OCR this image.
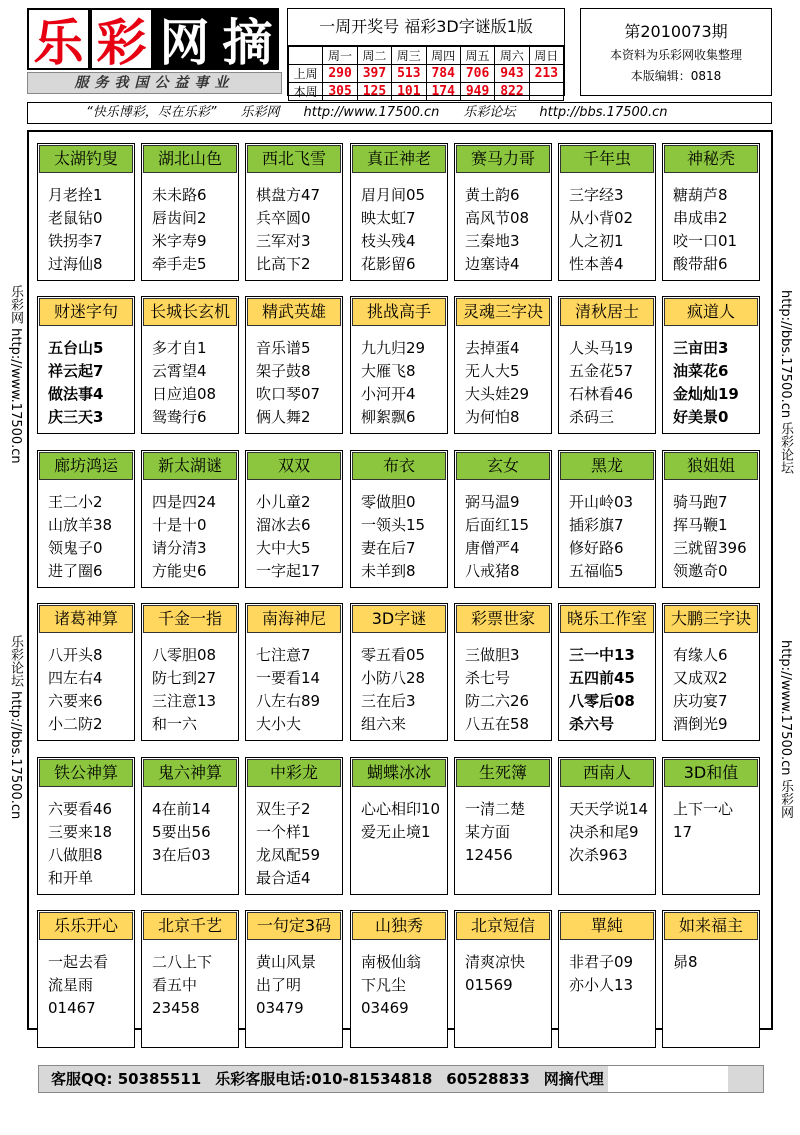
乐 彩 网 摘
服务我国公益事业
一周开奖号 福彩3D字谜版1版
	周一	周二	周三	周四	周五	周六	周日
上周	290	397	513	784	706	943	213
本周	305	125	101	174	949	822	
第2010073期
本资料为乐彩网收集整理
本版编辑：0818
“快乐博彩，尽在乐彩” 乐彩网 http://www.17500.cn 乐彩论坛 http://bbs.17500.cn
乐彩网 http://www.17500.cn
乐彩论坛 http://bbs.17500.cn
http://bbs.17500.cn 乐彩论坛
http://www.17500.cn 乐彩网
太湖钓叟
月老拴1
老鼠钻0
铁拐李7
过海仙8
湖北山色
未未路6
唇齿间2
米字寿9
牵手走5
西北飞雪
棋盘方47
兵卒圆0
三军对3
比高下2
真正神老
眉月间05
映太虹7
枝头残4
花影留6
赛马力哥
黄土韵6
高风节08
三秦地3
边塞诗4
千年虫
三字经3
从小背02
人之初1
性本善4
神秘秃
糖葫芦8
串成串2
咬一口01
酸带甜6
财迷字句
五台山5
祥云起7
做法事4
庆三天3
长城长玄机
多才自1
云霄望4
日应追08
鸳鸯行6
精武英雄
音乐谱5
架子鼓8
吹口琴07
俩人舞2
挑战高手
九九归29
大雁飞8
小河开4
柳絮飘6
灵魂三字决
去掉蛋4
无人大5
大头娃29
为何怕8
清秋居士
人头马19
五金花57
石林看46
杀码三
疯道人
三亩田3
油菜花6
金灿灿19
好美景0
廊坊鸿运
王二小2
山放羊38
领鬼子0
进了圈6
新太湖谜
四是四24
十是十0
请分清3
方能史6
双双
小儿童2
溜冰去6
大中大5
一字起17
布衣
零做胆0
一领头15
妻在后7
未羊到8
玄女
弼马温9
后面红15
唐僧严4
八戒猪8
黑龙
开山岭03
插彩旗7
修好路6
五福临5
狼姐姐
骑马跑7
挥马鞭1
三就留396
领邀奇0
诸葛神算
八开头8
四左右4
六要来6
小二防2
千金一指
八零胆08
防七到27
三注意13
和一六
南海神尼
七注意7
一要看14
八左右89
大小大
3D字谜
零五看05
小防八28
三在后3
组六来
彩票世家
三做胆3
杀七号
防二六26
八五在58
晓乐工作室
三一中13
五四前45
八零后08
杀六号
大鹏三字诀
有缘人6
又成双2
庆功宴7
酒倒光9
铁公神算
六要看46
三要来18
八做胆8
和开单
鬼六神算
4在前14
5要出56
3在后03
中彩龙
双生子2
一个样1
龙凤配59
最合适4
蝴蝶冰冰
心心相印10
爱无止境1
生死簿
一清二楚
某方面
12456
西南人
天天学说14
决杀和尾9
次杀963
3D和值
上下一心
17
乐乐开心
一起去看
流星雨
01467
北京千艺
二八上下
看五中
23458
一句定3码
黄山风景
出了明
03479
山独秀
南极仙翁
下凡尘
03469
北京短信
清爽凉快
01569
單純
非君子09
亦小人13
如来福主
昴8
客服QQ: 50385511 乐彩客服电话:010-81534818 60528833 网摘代理
